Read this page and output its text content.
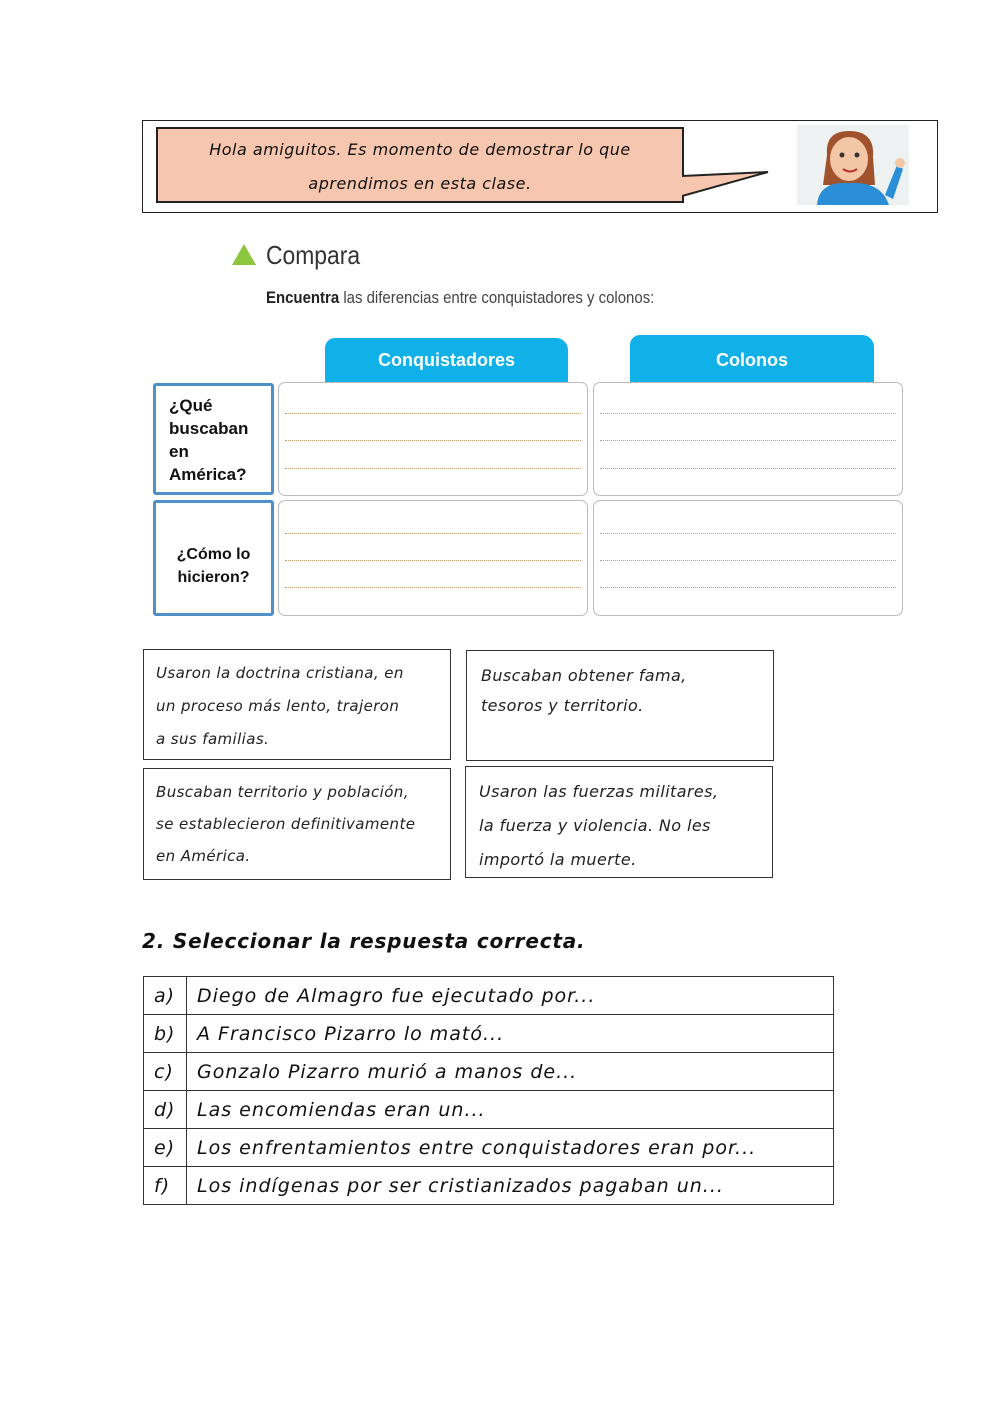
Hola amiguitos. Es momento de demostrar lo que
aprendimos en esta clase.
Compara
Encuentra las diferencias entre conquistadores y colonos:
Conquistadores	Colonos
¿Qué
buscaban
en
América?
¿Cómo lo
hicieron?
Usaron la doctrina cristiana, en
un proceso más lento, trajeron
a sus familias.
Buscaban obtener fama,
tesoros y territorio.
Buscaban territorio y población,
se establecieron definitivamente
en América.
Usaron las fuerzas militares,
la fuerza y violencia. No les
importó la muerte.
2. Seleccionar la respuesta correcta.
a)	Diego de Almagro fue ejecutado por...
b)	A Francisco Pizarro lo mató...
c)	Gonzalo Pizarro murió a manos de...
d)	Las encomiendas eran un...
e)	Los enfrentamientos entre conquistadores eran por...
f)	Los indígenas por ser cristianizados pagaban un...
